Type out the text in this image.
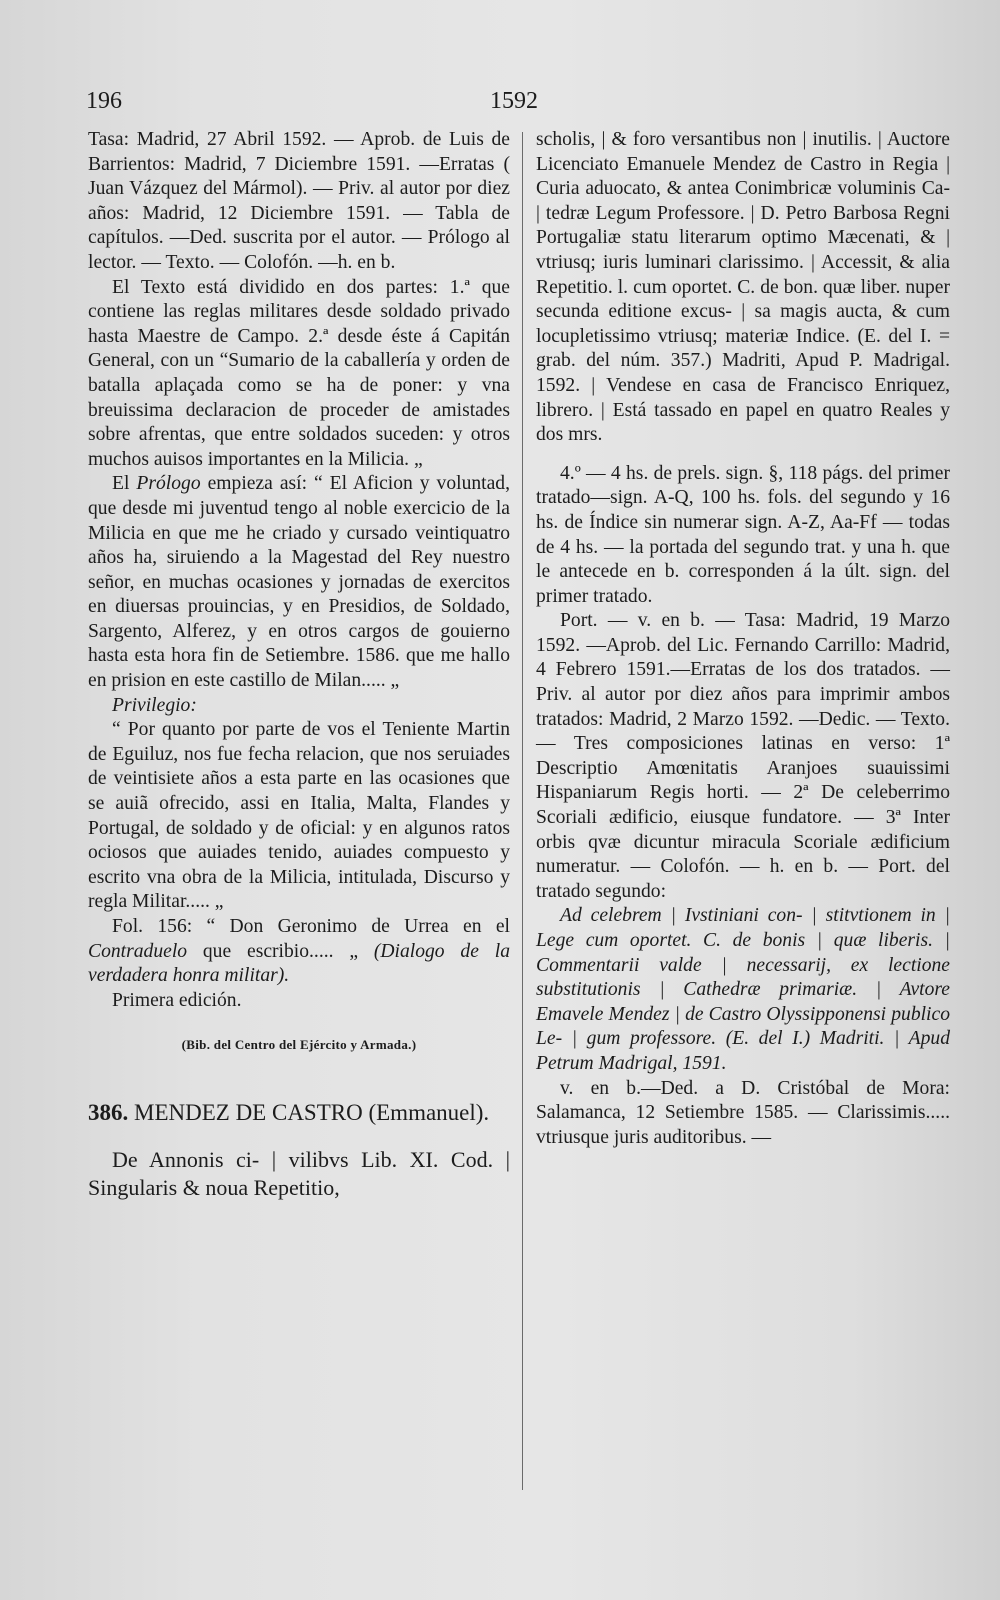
196	1592

Tasa: Madrid, 27 Abril 1592. — Aprob. de Luis de Barrientos: Madrid, 7 Diciembre 1591. —Erratas ( Juan Vázquez del Mármol). — Priv. al autor por diez años: Madrid, 12 Diciembre 1591. — Tabla de capítulos. —Ded. suscrita por el autor. — Prólogo al lector. — Texto. — Colofón. —h. en b.

El Texto está dividido en dos partes: 1.ª que contiene las reglas militares desde soldado privado hasta Maestre de Campo. 2.ª desde éste á Capitán General, con un “Sumario de la caballería y orden de batalla aplaçada como se ha de poner: y vna breuissima declaracion de proceder de amistades sobre afrentas, que entre soldados suceden: y otros muchos auisos importantes en la Milicia. „

El Prólogo empieza así: “ El Aficion y voluntad, que desde mi juventud tengo al noble exercicio de la Milicia en que me he criado y cursado veintiquatro años ha, siruiendo a la Magestad del Rey nuestro señor, en muchas ocasiones y jornadas de exercitos en diuersas prouincias, y en Presidios, de Soldado, Sargento, Alferez, y en otros cargos de gouierno hasta esta hora fin de Setiembre. 1586. que me hallo en prision en este castillo de Milan..... „

Privilegio:

“ Por quanto por parte de vos el Teniente Martin de Eguiluz, nos fue fecha relacion, que nos seruiades de veintisiete años a esta parte en las ocasiones que se auiã ofrecido, assi en Italia, Malta, Flandes y Portugal, de soldado y de oficial: y en algunos ratos ociosos que auiades tenido, auiades compuesto y escrito vna obra de la Milicia, intitulada, Discurso y regla Militar..... „

Fol. 156: “ Don Geronimo de Urrea en el Contraduelo que escribio..... „ (Dialogo de la verdadera honra militar).

Primera edición.

(Bib. del Centro del Ejército y Armada.)

386. MENDEZ DE CASTRO (Emmanuel).

De Annonis ci- | vilibvs Lib. XI. Cod. | Singularis & noua Repetitio,

scholis, | & foro versantibus non | inutilis. | Auctore Licenciato Emanuele Mendez de Castro in Regia | Curia aduocato, & antea Conimbricæ voluminis Ca- | tedræ Legum Professore. | D. Petro Barbosa Regni Portugaliæ statu literarum optimo Mæcenati, & | vtriusq; iuris luminari clarissimo. | Accessit, & alia Repetitio. l. cum oportet. C. de bon. quæ liber. nuper secunda editione excus- | sa magis aucta, & cum locupletissimo vtriusq; materiæ Indice. (E. del I. = grab. del núm. 357.) Madriti, Apud P. Madrigal. 1592. | Vendese en casa de Francisco Enriquez, librero. | Está tassado en papel en quatro Reales y dos mrs.

4.º — 4 hs. de prels. sign. §, 118 págs. del primer tratado—sign. A-Q, 100 hs. fols. del segundo y 16 hs. de Índice sin numerar sign. A-Z, Aa-Ff — todas de 4 hs. — la portada del segundo trat. y una h. que le antecede en b. corresponden á la últ. sign. del primer tratado.

Port. — v. en b. — Tasa: Madrid, 19 Marzo 1592. —Aprob. del Lic. Fernando Carrillo: Madrid, 4 Febrero 1591.—Erratas de los dos tratados. — Priv. al autor por diez años para imprimir ambos tratados: Madrid, 2 Marzo 1592. —Dedic. — Texto. — Tres composiciones latinas en verso: 1ª Descriptio Amœnitatis Aranjoes suauissimi Hispaniarum Regis horti. — 2ª De celeberrimo Scoriali ædificio, eiusque fundatore. — 3ª Inter orbis qvæ dicuntur miracula Scoriale ædificium numeratur. — Colofón. — h. en b. — Port. del tratado segundo:

Ad celebrem | Ivstiniani con- | stitvtionem in | Lege cum oportet. C. de bonis | quæ liberis. | Commentarii valde | necessarij, ex lectione substitutionis | Cathedræ primariæ. | Avtore Emavele Mendez | de Castro Olyssipponensi publico Le- | gum professore. (E. del I.) Madriti. | Apud Petrum Madrigal, 1591.

v. en b.—Ded. a D. Cristóbal de Mora: Salamanca, 12 Setiembre 1585. — Clarissimis..... vtriusque juris auditoribus. —
